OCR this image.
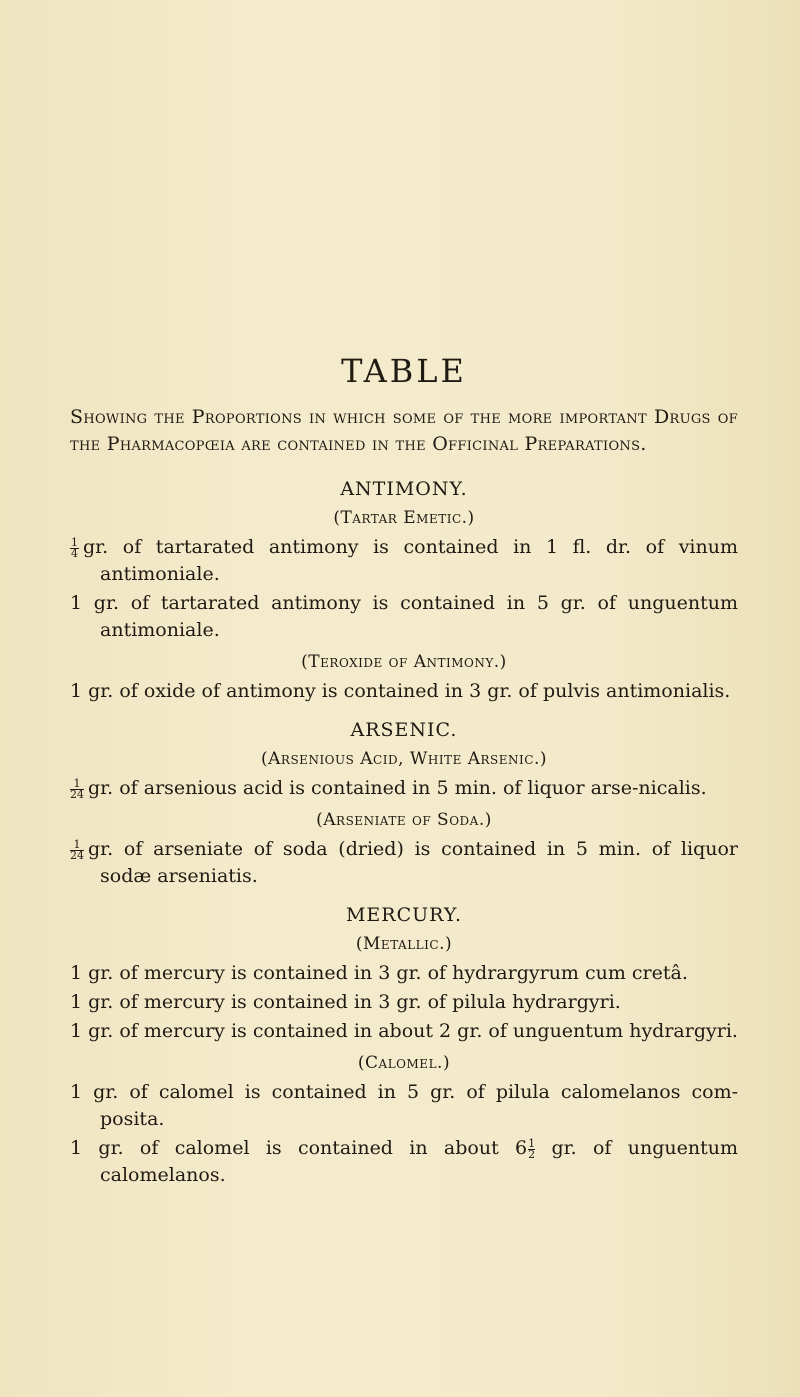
TABLE

Showing the Proportions in which some of the more important Drugs of the Pharmacopœia are contained in the Officinal Preparations.

ANTIMONY.
(Tartar Emetic.)

$\frac{1}{4}$ gr. of tartarated antimony is contained in 1 fl. dr. of vinum antimoniale.

1 gr. of tartarated antimony is contained in 5 gr. of unguentum antimoniale.

(Teroxide of Antimony.)

1 gr. of oxide of antimony is contained in 3 gr. of pulvis antimonialis.

ARSENIC.
(Arsenious Acid, White Arsenic.)

$\frac{1}{24}$ gr. of arsenious acid is contained in 5 min. of liquor arse-nicalis.

(Arseniate of Soda.)

$\frac{1}{24}$ gr. of arseniate of soda (dried) is contained in 5 min. of liquor sodæ arseniatis.

MERCURY.
(Metallic.)

1 gr. of mercury is contained in 3 gr. of hydrargyrum cum cretâ.

1 gr. of mercury is contained in 3 gr. of pilula hydrargyri.

1 gr. of mercury is contained in about 2 gr. of unguentum hydrargyri.

(Calomel.)

1 gr. of calomel is contained in 5 gr. of pilula calomelanos com-posita.

1 gr. of calomel is contained in about $6 \frac{1}{2}$ gr. of unguentum calomelanos.
